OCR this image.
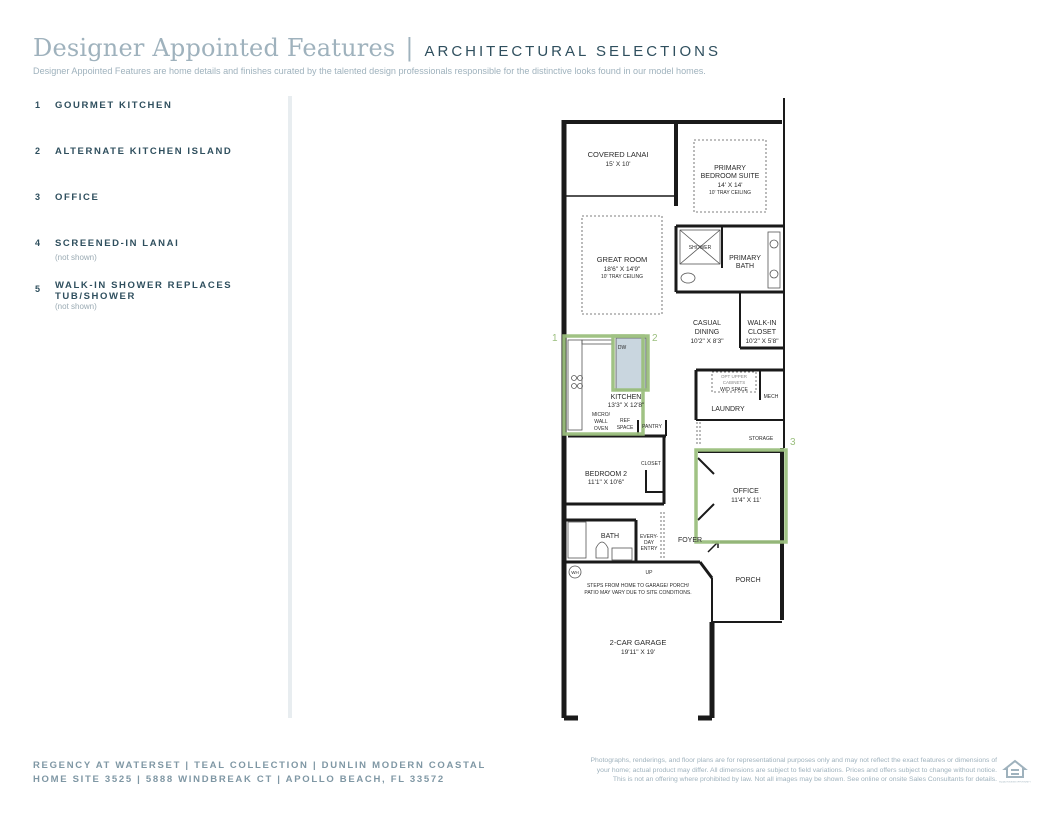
Designer Appointed Features | ARCHITECTURAL SELECTIONS
Designer Appointed Features are home details and finishes curated by the talented design professionals responsible for the distinctive looks found in our model homes.
1	GOURMET KITCHEN
2	ALTERNATE KITCHEN ISLAND
3	OFFICE
4	SCREENED-IN LANAI
(not shown)
5	WALK-IN SHOWER REPLACES TUB/SHOWER
(not shown)
1	2
3
COVERED LANAI
15' X 10'
PRIMARY
BEDROOM SUITE
14' X 14'
10' TRAY CEILING
SHOWER
PRIMARY
BATH
GREAT ROOM
18'6" X 14'9"
10' TRAY CEILING
CASUAL
DINING
10'2" X 8'3"
WALK-IN
CLOSET
10'2" X 5'8"
DW
OPT UPPER
CABINETS
W/D SPACE
MECH
LAUNDRY
KITCHEN
13'3" X 12'8"
MICRO/
WALL
OVEN
REF
SPACE PANTRY
STORAGE
BEDROOM 2
11'1" X 10'6"
CLOSET
OFFICE
11'4" X 11'
BATH	EVERY-
DAY
ENTRY
FOYER
WH	UP
PORCH
STEPS FROM HOME TO GARAGE/ PORCH/
PATIO MAY VARY DUE TO SITE CONDITIONS.
2-CAR GARAGE
19'11" X 19'
REGENCY AT WATERSET | TEAL COLLECTION | DUNLIN MODERN COASTAL
HOME SITE 3525 | 5888 WINDBREAK CT | APOLLO BEACH, FL 33572
Photographs, renderings, and floor plans are for representational purposes only and may not reflect the exact features or dimensions of
your home; actual product may differ. All dimensions are subject to field variations. Prices and offers subject to change without notice.
This is not an offering where prohibited by law. Not all images may be shown. See online or onsite Sales Consultants for details. EQUAL HOUSING OPPORTUNITY
